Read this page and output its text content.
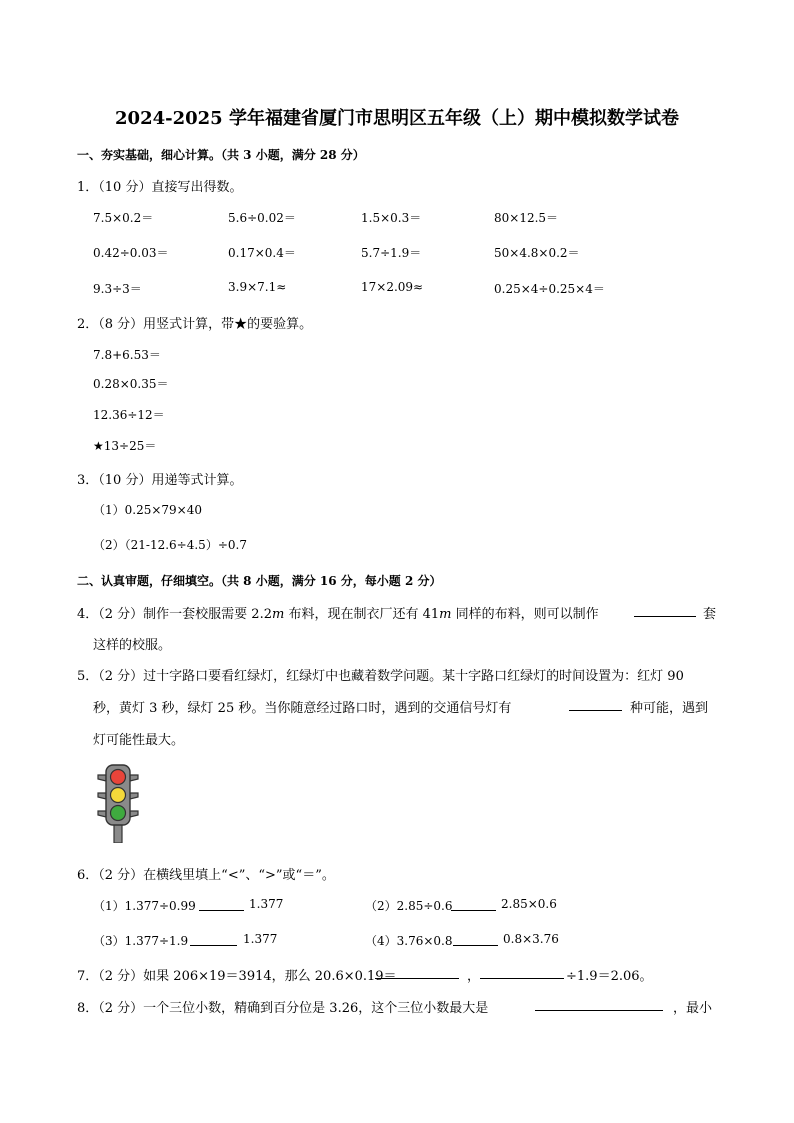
2024-2025 学年福建省厦门市思明区五年级（上）期中模拟数学试卷
一、夯实基础，细心计算。（共 3 小题，满分 28 分）
1．（10 分）直接写出得数。
7.5×0.2＝	5.6÷0.02＝	1.5×0.3＝	80×12.5＝
0.42÷0.03＝	0.17×0.4＝	5.7÷1.9＝	50×4.8×0.2＝
9.3÷3＝	3.9×7.1≈	17×2.09≈	0.25×4÷0.25×4＝
2．（8 分）用竖式计算，带★的要验算。
7.8+6.53＝
0.28×0.35＝
12.36÷12＝
★13÷25＝
3．（10 分）用递等式计算。
（1）0.25×79×40
（2）（21-12.6÷4.5）÷0.7
二、认真审题，仔细填空。（共 8 小题，满分 16 分，每小题 2 分）
4．（2 分）制作一套校服需要 2.2m 布料，现在制衣厂还有 41m 同样的布料，则可以制作	套
这样的校服。
5．（2 分）过十字路口要看红绿灯，红绿灯中也藏着数学问题。某十字路口红绿灯的时间设置为：红灯 90
秒，黄灯 3 秒，绿灯 25 秒。当你随意经过路口时，遇到的交通信号灯有	种可能，遇到
灯可能性最大。
6．（2 分）在横线里填上“<”、“>”或“＝”。
（1）1.377÷0.99	1.377	（2）2.85÷0.6	2.85×0.6
（3）1.377÷1.9	1.377	（4）3.76×0.8	0.8×3.76
7．（2 分）如果 206×19＝3914，那么 20.6×0.19＝	，	÷1.9＝2.06。
8．（2 分）一个三位小数，精确到百分位是 3.26，这个三位小数最大是	，最小
